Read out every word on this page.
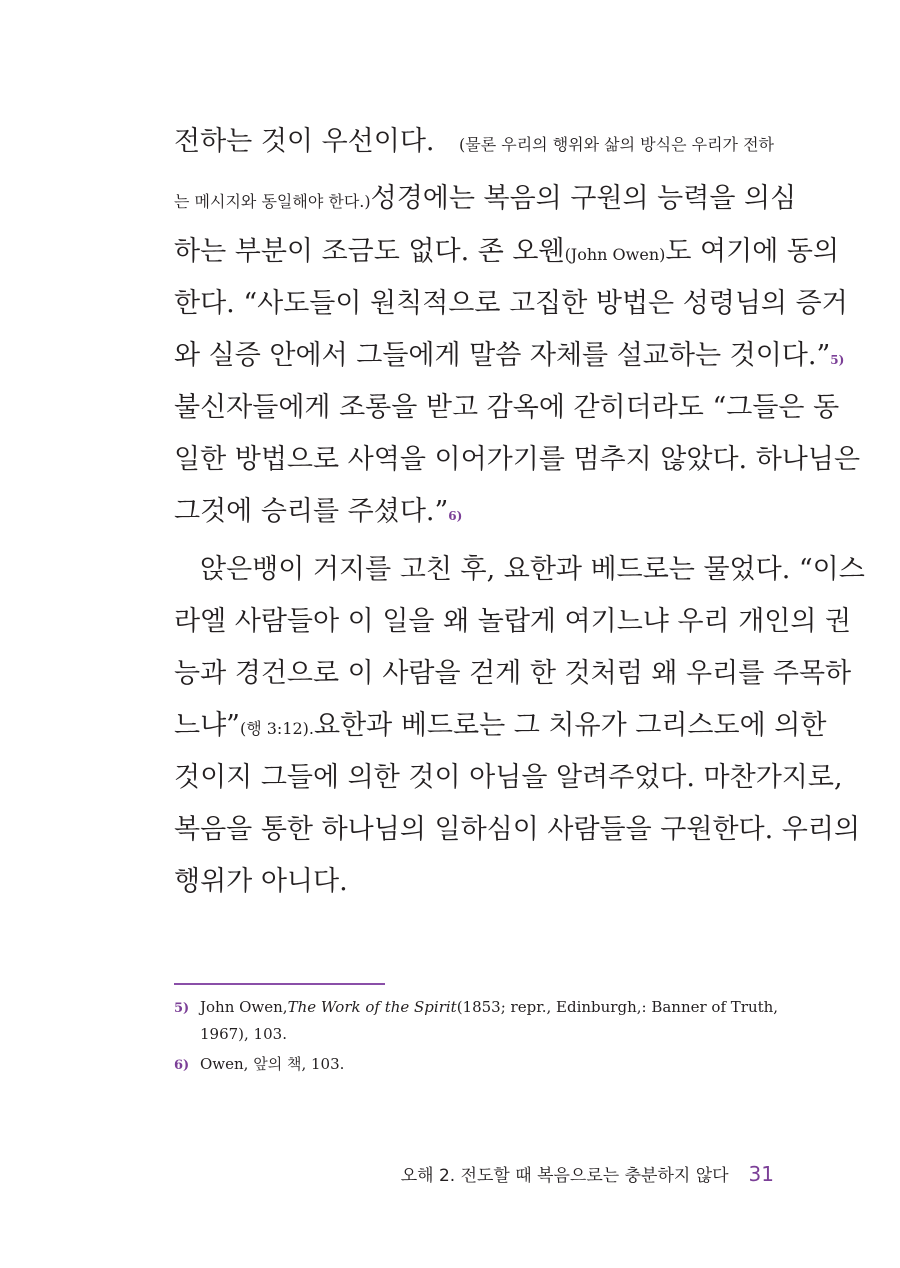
전하는 것이 우선이다. (물론 우리의 행위와 삶의 방식은 우리가 전하
는 메시지와 동일해야 한다.) 성경에는 복음의 구원의 능력을 의심
하는 부분이 조금도 없다. 존 오웬(John Owen)도 여기에 동의
한다. “사도들이 원칙적으로 고집한 방법은 성령님의 증거
와 실증 안에서 그들에게 말씀 자체를 설교하는 것이다.” 5)
불신자들에게 조롱을 받고 감옥에 갇히더라도 “그들은 동
일한 방법으로 사역을 이어가기를 멈추지 않았다. 하나님은
그것에 승리를 주셨다.” 6)
앉은뱅이 거지를 고친 후, 요한과 베드로는 물었다. “이스
라엘 사람들아 이 일을 왜 놀랍게 여기느냐 우리 개인의 권
능과 경건으로 이 사람을 걷게 한 것처럼 왜 우리를 주목하
느냐”(행 3:12). 요한과 베드로는 그 치유가 그리스도에 의한
것이지 그들에 의한 것이 아님을 알려주었다. 마찬가지로,
복음을 통한 하나님의 일하심이 사람들을 구원한다. 우리의
행위가 아니다.
5) John Owen, The Work of the Spirit (1853; repr., Edinburgh,: Banner of Truth,
1967), 103.
6) Owen, 앞의 책, 103.
오해 2. 전도할 때 복음으로는 충분하지 않다 31
